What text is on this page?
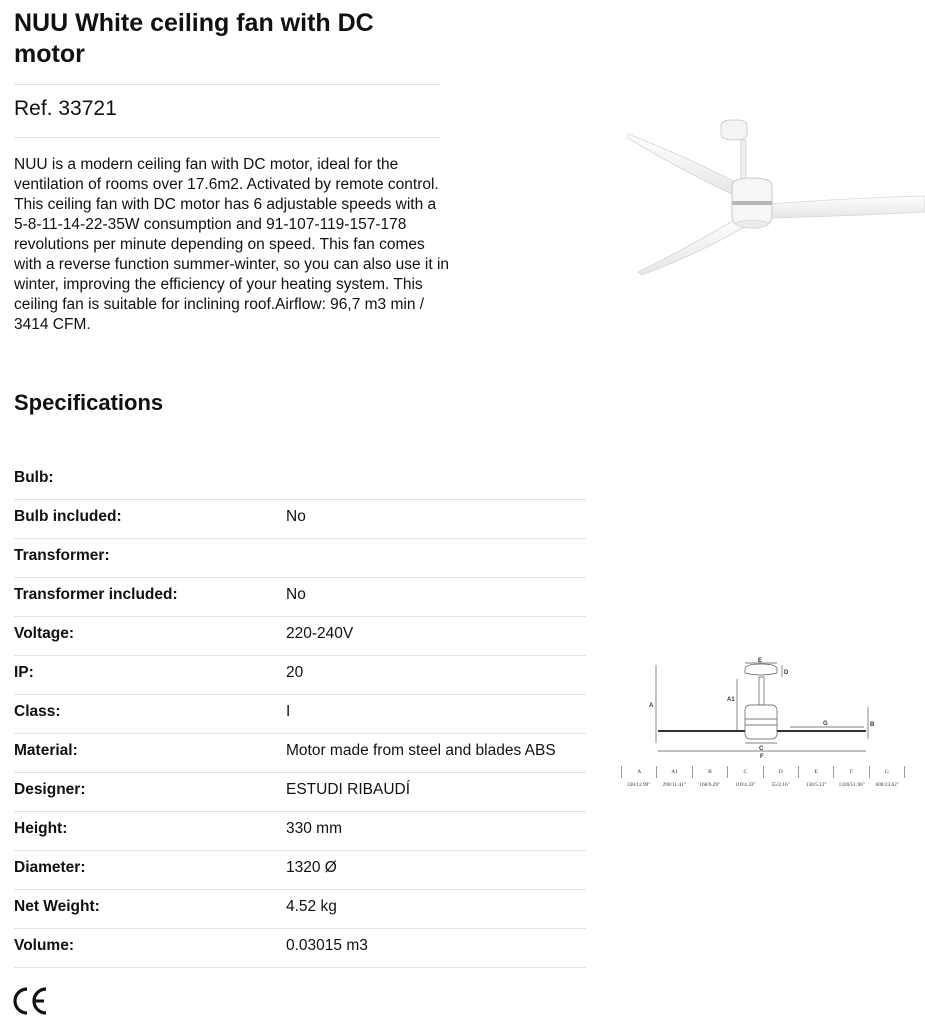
NUU White ceiling fan with DC motor
Ref. 33721

NUU is a modern ceiling fan with DC motor, ideal for the ventilation of rooms over 17.6m2. Activated by remote control. This ceiling fan with DC motor has 6 adjustable speeds with a 5-8-11-14-22-35W consumption and 91-107-119-157-178 revolutions per minute depending on speed. This fan comes with a reverse function summer-winter, so you can also use it in winter, improving the efficiency of your heating system. This ceiling fan is suitable for inclining roof.Airflow: 96,7 m3 min / 3414 CFM.

Specifications
Bulb:
Bulb included:	No
Transformer:
Transformer included:	No
Voltage:	220-240V
IP:	20
Class:	I
Material:	Motor made from steel and blades ABS
Designer:	ESTUDI RIBAUDÍ
Height:	330 mm
Diameter:	1320 Ø
Net Weight:	4.52 kg
Volume:	0.03015 m3
E
D
A
A1
B
G
C
F
A	A1	B	C	D	E	F	G
330/12.99"	290/11.41"	160/6.29"	110/4.33"	55/2.16"	130/5.12"	1320/51.96"	600/23.62"
